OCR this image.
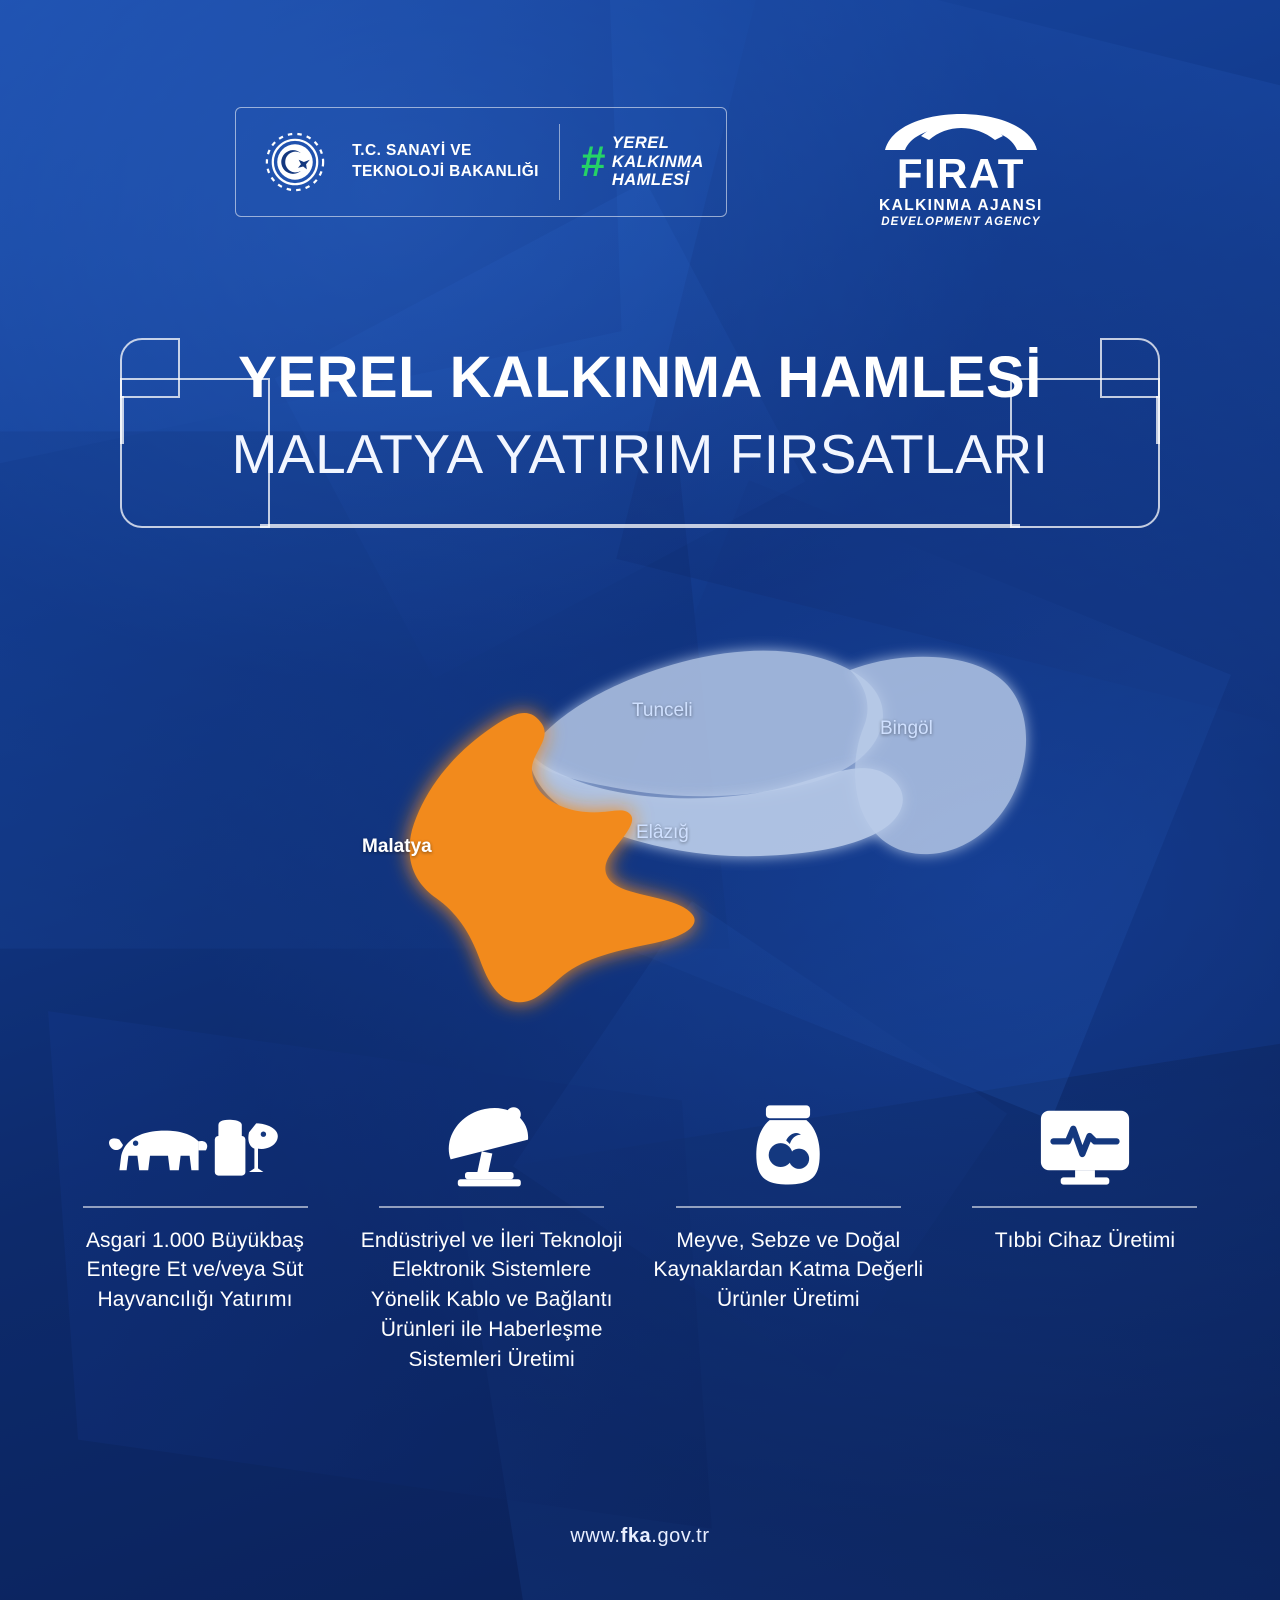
T.C. SANAYİ VE
TEKNOLOJİ BAKANLIĞI # YEREL
KALKINMA
HAMLESİ	FIRAT
KALKINMA AJANSI
DEVELOPMENT AGENCY
YEREL KALKINMA HAMLESİ
MALATYA YATIRIM FIRSATLARI
Tunceli
Bingöl
Elâzığ
Malatya
Asgari 1.000 Büyükbaş Entegre Et ve/veya Süt Hayvancılığı Yatırımı
Endüstriyel ve İleri Teknoloji Elektronik Sistemlere Yönelik Kablo ve Bağlantı Ürünleri ile Haberleşme Sistemleri Üretimi
Meyve, Sebze ve Doğal Kaynaklardan Katma Değerli Ürünler Üretimi
Tıbbi Cihaz Üretimi
www.fka.gov.tr
